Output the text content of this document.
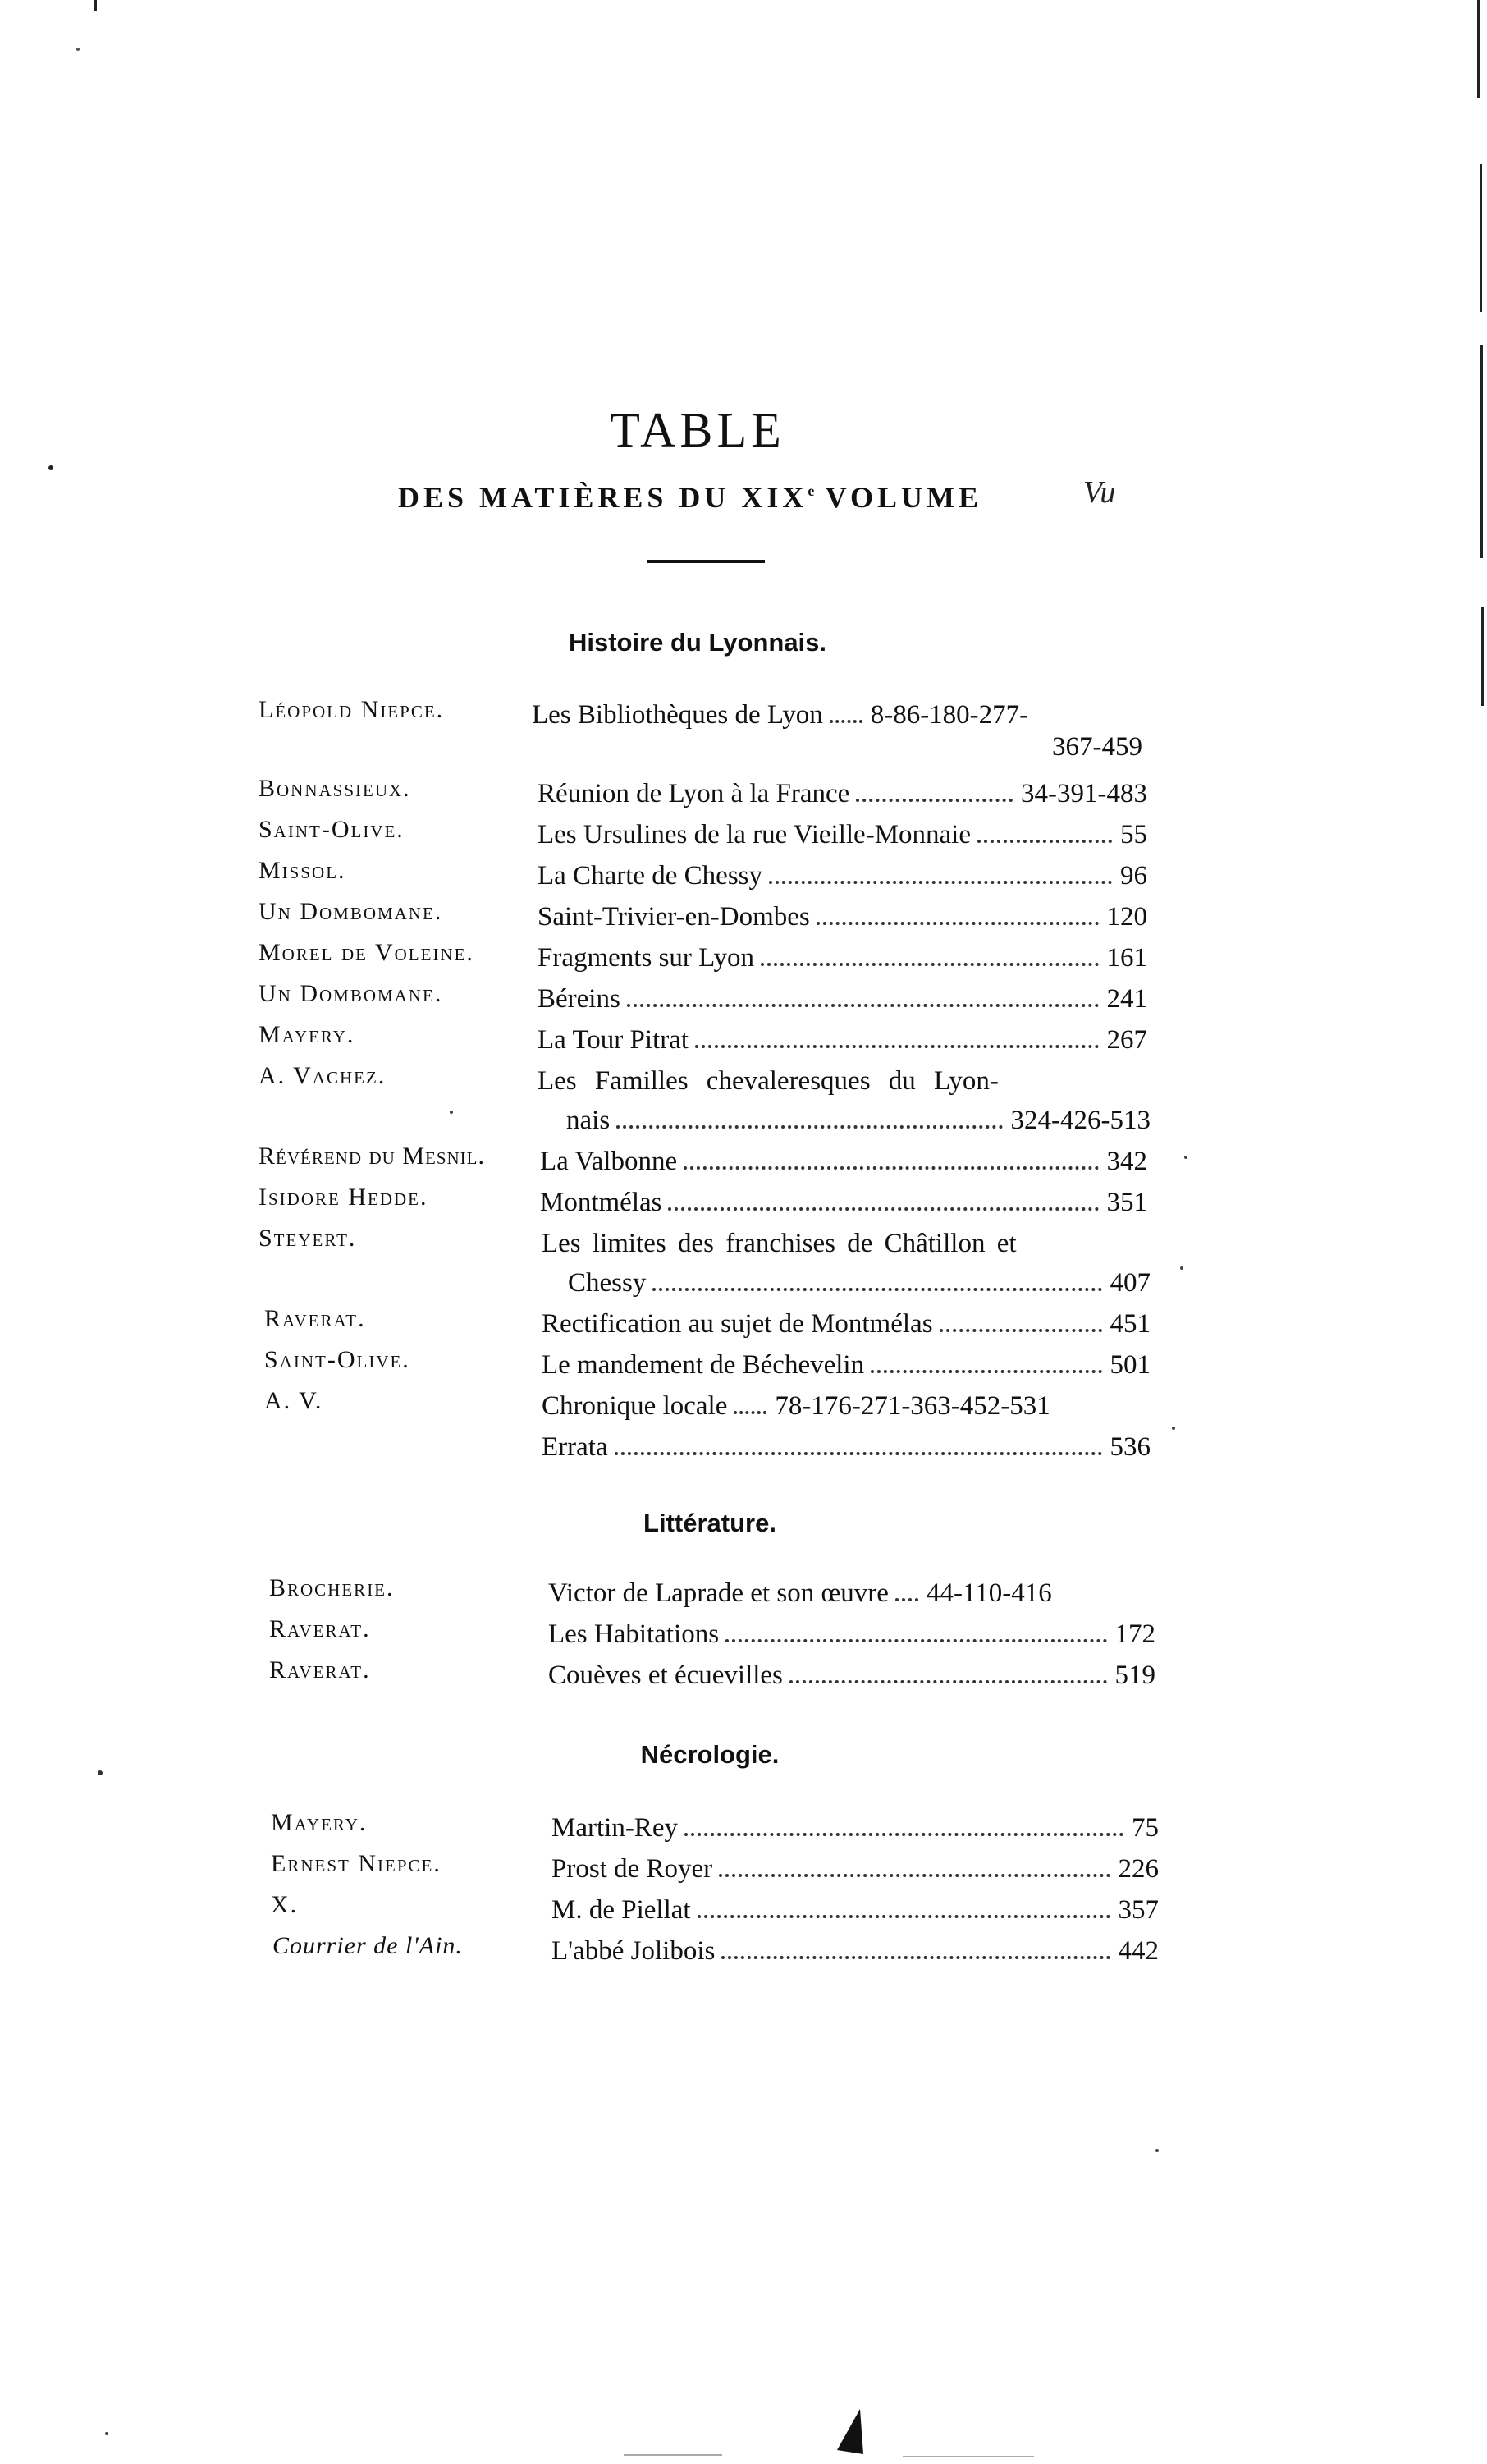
TABLE
DES MATIÈRES DU XIXe VOLUME	Vu
Histoire du Lyonnais.
Léopold Niepce.	Les Bibliothèques de Lyon 8-86-180-277-
367-459
Bonnassieux.	Réunion de Lyon à la France	34-391-483
Saint-Olive.	Les Ursulines de la rue Vieille-Monnaie	55
Missol.	La Charte de Chessy	96
Un Dombomane.	Saint-Trivier-en-Dombes	120
Morel de Voleine. Fragments sur Lyon	161
Un Dombomane.	Béreins	241
Mayery.	La Tour Pitrat	267
A. Vachez.	Les Familles chevaleresques du Lyon-
nais	324-426-513
Révérend du Mesnil. La Valbonne	342
Isidore Hedde.	Montmélas	351
Steyert.	Les limites des franchises de Châtillon et
Chessy	407
Raverat.	Rectification au sujet de Montmélas	451
Saint-Olive.	Le mandement de Béchevelin	501
A. V.	Chronique locale 78-176-271-363-452-531
Errata	536
Littérature.
Brocherie.	Victor de Laprade et son œuvre 44-110-416
Raverat.	Les Habitations	172
Raverat.	Couèves et écuevilles	519
Nécrologie.
Mayery.	Martin-Rey	75
Ernest Niepce.	Prost de Royer	226
X.	M. de Piellat	357
Courrier de l'Ain.	L'abbé Jolibois	442
